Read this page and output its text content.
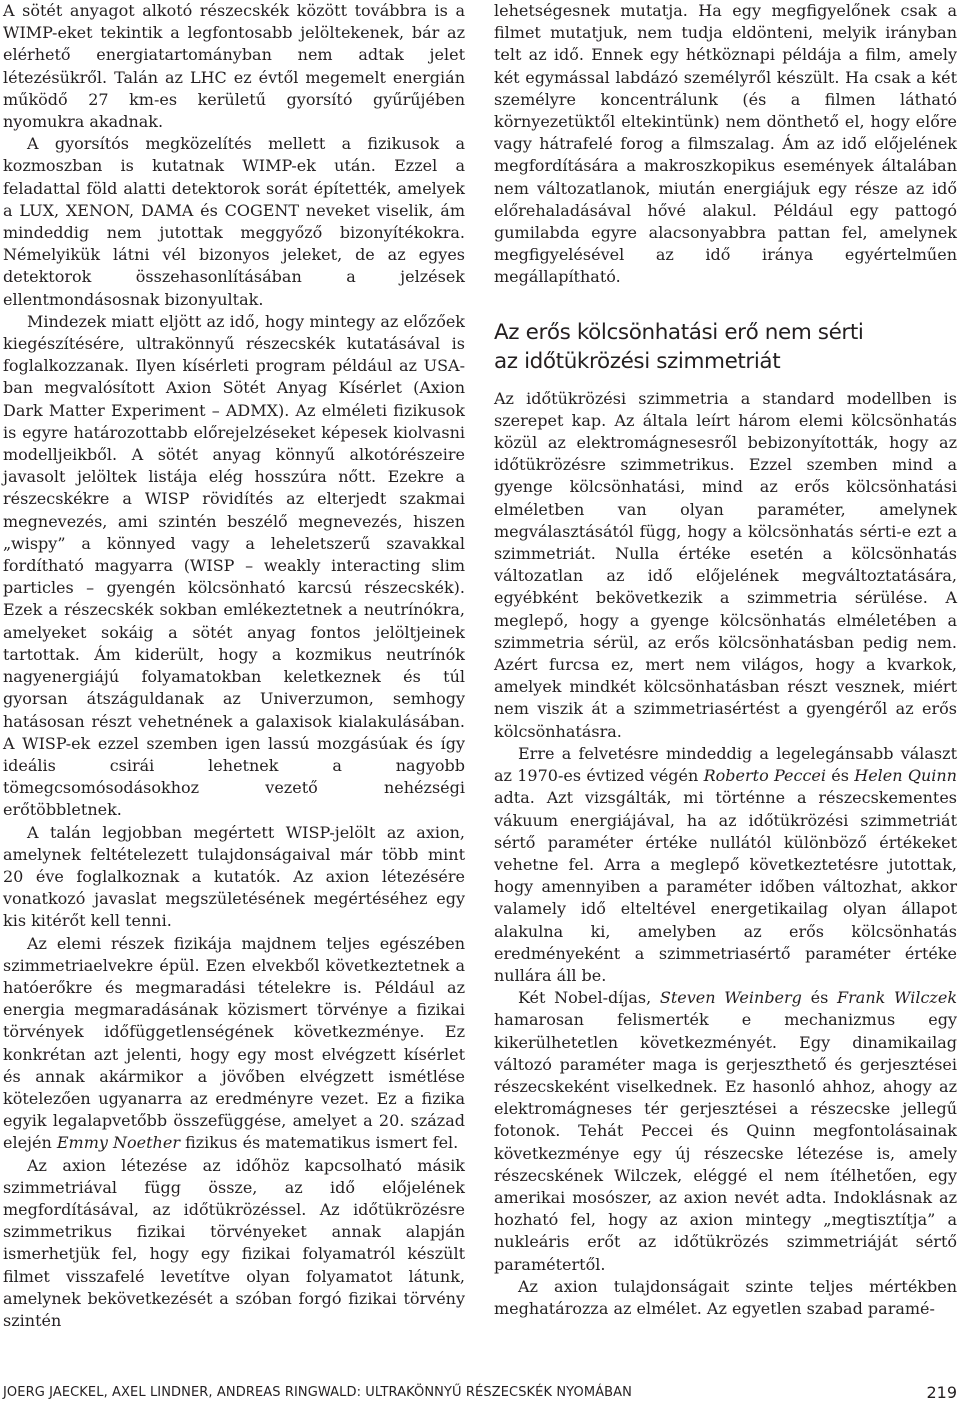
A sötét anyagot alkotó részecskék között továbbra is a WIMP-eket tekintik a legfontosabb jelöltekenek, bár az elérhető energiatartományban nem adtak jelet létezésükről. Talán az LHC ez évtől megemelt energián működő 27 km-es kerületű gyorsító gyűrűjében nyomukra akadnak.

A gyorsítós megközelítés mellett a fizikusok a kozmoszban is kutatnak WIMP-ek után. Ezzel a feladattal föld alatti detektorok sorát építették, amelyek a LUX, XENON, DAMA és COGENT neveket viselik, ám mindeddig nem jutottak meggyőző bizonyítékokra. Némelyikük látni vél bizonyos jeleket, de az egyes detektorok összehasonlításában a jelzések ellentmondásosnak bizonyultak.

Mindezek miatt eljött az idő, hogy mintegy az előzőek kiegészítésére, ultrakönnyű részecskék kutatásával is foglalkozzanak. Ilyen kísérleti program például az USA-ban megvalósított Axion Sötét Anyag Kísérlet (Axion Dark Matter Experiment – ADMX). Az elméleti fizikusok is egyre határozottabb előrejelzéseket képesek kiolvasni modelljeikből. A sötét anyag könnyű alkotórészeire javasolt jelöltek listája elég hosszúra nőtt. Ezekre a részecskékre a WISP rövidítés az elterjedt szakmai megnevezés, ami szintén beszélő megnevezés, hiszen „wispy” a könnyed vagy a leheletszerű szavakkal fordítható magyarra (WISP – weakly interacting slim particles – gyengén kölcsönható karcsú részecskék). Ezek a részecskék sokban emlékeztetnek a neutrínókra, amelyeket sokáig a sötét anyag fontos jelöltjeinek tartottak. Ám kiderült, hogy a kozmikus neutrínók nagyenergiájú folyamatokban keletkeznek és túl gyorsan átszáguldanak az Univerzumon, semhogy hatásosan részt vehetnének a galaxisok kialakulásában. A WISP-ek ezzel szemben igen lassú mozgásúak és így ideális csirái lehetnek a nagyobb tömegcsomósodásokhoz vezető nehézségi erőtöbbletnek.

A talán legjobban megértett WISP-jelölt az axion, amelynek feltételezett tulajdonságaival már több mint 20 éve foglalkoznak a kutatók. Az axion létezésére vonatkozó javaslat megszületésének megértéséhez egy kis kitérőt kell tenni.

Az elemi részek fizikája majdnem teljes egészében szimmetriaelvekre épül. Ezen elvekből következtetnek a hatóerőkre és megmaradási tételekre is. Például az energia megmaradásának közismert törvénye a fizikai törvények időfüggetlenségének következménye. Ez konkrétan azt jelenti, hogy egy most elvégzett kísérlet és annak akármikor a jövőben elvégzett ismétlése kötelezően ugyanarra az eredményre vezet. Ez a fizika egyik legalapvetőbb összefüggése, amelyet a 20. század elején Emmy Noether fizikus és matematikus ismert fel.

Az axion létezése az időhöz kapcsolható másik szimmetriával függ össze, az idő előjelének megfordításával, az időtükrözéssel. Az időtükrözésre szimmetrikus fizikai törvényeket annak alapján ismerhetjük fel, hogy egy fizikai folyamatról készült filmet visszafelé levetítve olyan folyamatot látunk, amelynek bekövetkezését a szóban forgó fizikai törvény szintén

lehetségesnek mutatja. Ha egy megfigyelőnek csak a filmet mutatjuk, nem tudja eldönteni, melyik irányban telt az idő. Ennek egy hétköznapi példája a film, amely két egymással labdázó személyről készült. Ha csak a két személyre koncentrálunk (és a filmen látható környezetüktől eltekintünk) nem dönthető el, hogy előre vagy hátrafelé forog a filmszalag. Ám az idő előjelének megfordítására a makroszkopikus események általában nem változatlanok, miután energiájuk egy része az idő előrehaladásával hővé alakul. Például egy pattogó gumilabda egyre alacsonyabbra pattan fel, amelynek megfigyelésével az idő iránya egyértelműen megállapítható.

Az erős kölcsönhatási erő nem sérti
az időtükrözési szimmetriát

Az időtükrözési szimmetria a standard modellben is szerepet kap. Az általa leírt három elemi kölcsönhatás közül az elektromágnesesről bebizonyították, hogy az időtükrözésre szimmetrikus. Ezzel szemben mind a gyenge kölcsönhatási, mind az erős kölcsönhatási elméletben van olyan paraméter, amelynek megválasztásától függ, hogy a kölcsönhatás sérti-e ezt a szimmetriát. Nulla értéke esetén a kölcsönhatás változatlan az idő előjelének megváltoztatására, egyébként bekövetkezik a szimmetria sérülése. A meglepő, hogy a gyenge kölcsönhatás elméletében a szimmetria sérül, az erős kölcsönhatásban pedig nem. Azért furcsa ez, mert nem világos, hogy a kvarkok, amelyek mindkét kölcsönhatásban részt vesznek, miért nem viszik át a szimmetriasértést a gyengéről az erős kölcsönhatásra.

Erre a felvetésre mindeddig a legelegánsabb választ az 1970-es évtized végén Roberto Peccei és Helen Quinn adta. Azt vizsgálták, mi történne a részecskementes vákuum energiájával, ha az időtükrözési szimmetriát sértő paraméter értéke nullától különböző értékeket vehetne fel. Arra a meglepő következtetésre jutottak, hogy amennyiben a paraméter időben változhat, akkor valamely idő elteltével energetikailag olyan állapot alakulna ki, amelyben az erős kölcsönhatás eredményeként a szimmetriasértő paraméter értéke nullára áll be.

Két Nobel-díjas, Steven Weinberg és Frank Wilczek hamarosan felismerték e mechanizmus egy kikerülhetetlen következményét. Egy dinamikailag változó paraméter maga is gerjeszthető és gerjesztései részecskeként viselkednek. Ez hasonló ahhoz, ahogy az elektromágneses tér gerjesztései a részecske jellegű fotonok. Tehát Peccei és Quinn megfontolásainak következménye egy új részecske létezése is, amely részecskének Wilczek, eléggé el nem ítélhetően, egy amerikai mosószer, az axion nevét adta. Indoklásnak az hozható fel, hogy az axion mintegy „megtisztítja” a nukleáris erőt az időtükrözés szimmetriáját sértő paramétertől.

Az axion tulajdonságait szinte teljes mértékben meghatározza az elmélet. Az egyetlen szabad paramé-

JOERG JAECKEL, AXEL LINDNER, ANDREAS RINGWALD: ULTRAKÖNNYŰ RÉSZECSKÉK NYOMÁBAN	219
